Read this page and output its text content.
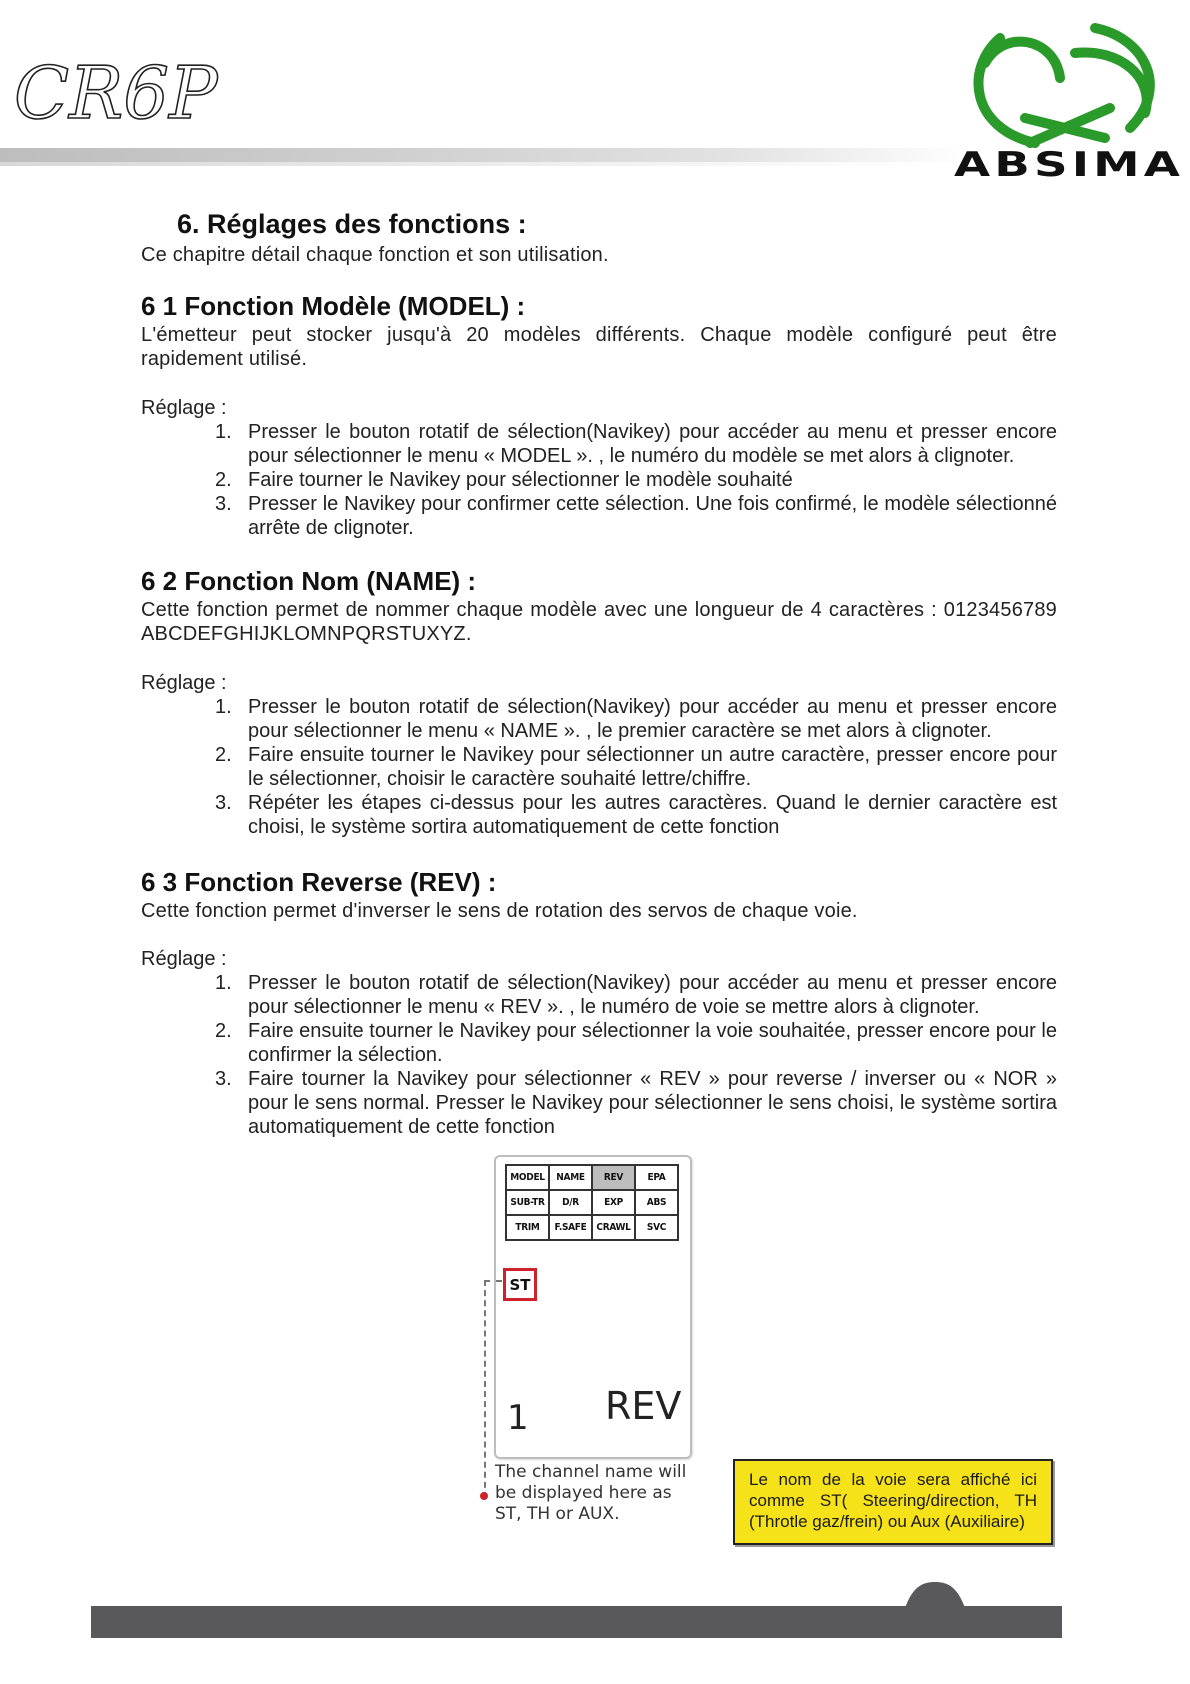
CR6P
ABSIMA
6. Réglages des fonctions :
Ce chapitre détail chaque fonction et son utilisation.
6 1 Fonction Modèle (MODEL) :
L'émetteur peut stocker jusqu'à 20 modèles différents. Chaque modèle configuré peut être rapidement utilisé.
Réglage :
1. Presser le bouton rotatif de sélection(Navikey) pour accéder au menu et presser encore pour sélectionner le menu « MODEL ». , le numéro du modèle se met alors à clignoter.
2. Faire tourner le Navikey pour sélectionner le modèle souhaité
3. Presser le Navikey pour confirmer cette sélection. Une fois confirmé, le modèle sélectionné arrête de clignoter.
6 2 Fonction Nom (NAME) :
Cette fonction permet de nommer chaque modèle avec une longueur de 4 caractères : 0123456789 ABCDEFGHIJKLOMNPQRSTUXYZ.
Réglage :
1. Presser le bouton rotatif de sélection(Navikey) pour accéder au menu et presser encore pour sélectionner le menu « NAME ». , le premier caractère se met alors à clignoter.
2. Faire ensuite tourner le Navikey pour sélectionner un autre caractère, presser encore pour le sélectionner, choisir le caractère souhaité lettre/chiffre.
3. Répéter les étapes ci-dessus pour les autres caractères. Quand le dernier caractère est choisi, le système sortira automatiquement de cette fonction
6 3 Fonction Reverse (REV) :
Cette fonction permet d'inverser le sens de rotation des servos de chaque voie.
Réglage :
1. Presser le bouton rotatif de sélection(Navikey) pour accéder au menu et presser encore pour sélectionner le menu « REV ». , le numéro de voie se mettre alors à clignoter.
2. Faire ensuite tourner le Navikey pour sélectionner la voie souhaitée, presser encore pour le confirmer la sélection.
3. Faire tourner la Navikey pour sélectionner « REV » pour reverse / inverser ou « NOR » pour le sens normal. Presser le Navikey pour sélectionner le sens choisi, le système sortira automatiquement de cette fonction
MODEL	NAME	REV	EPA
SUB-TR	D/R	EXP	ABS
TRIM	F.SAFE	CRAWL	SVC
ST
1 REV
The channel name will be displayed here as ST, TH or AUX.
Le nom de la voie sera affiché ici comme ST( Steering/direction, TH (Throtle gaz/frein) ou Aux (Auxiliaire)
